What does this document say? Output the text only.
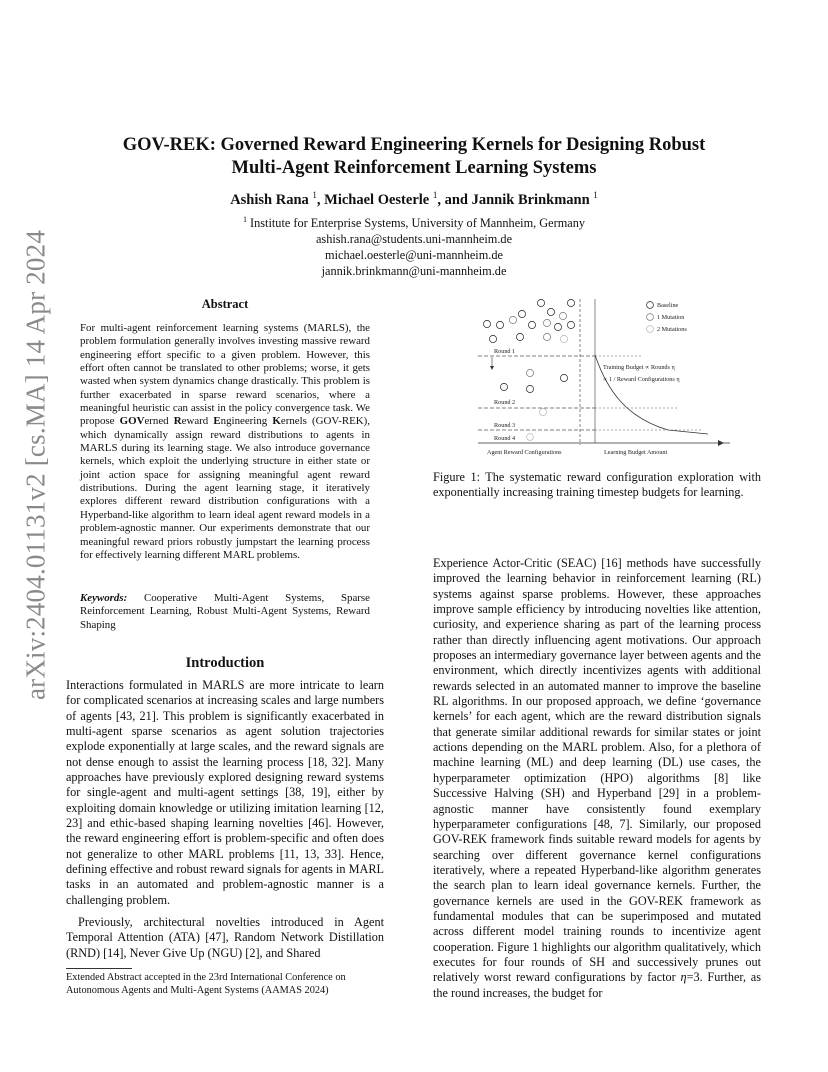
arXiv:2404.01131v2 [cs.MA] 14 Apr 2024
GOV-REK: Governed Reward Engineering Kernels for Designing Robust
Multi-Agent Reinforcement Learning Systems
Ashish Rana $^1$, Michael Oesterle $^1$, and Jannik Brinkmann $^1$
$^1$ Institute for Enterprise Systems, University of Mannheim, Germany
ashish.rana@students.uni-mannheim.de
michael.oesterle@uni-mannheim.de
jannik.brinkmann@uni-mannheim.de
Abstract

For multi-agent reinforcement learning systems (MARLS), the problem formulation generally involves investing massive reward engineering effort specific to a given problem. However, this effort often cannot be translated to other problems; worse, it gets wasted when system dynamics change drastically. This problem is further exacerbated in sparse reward scenarios, where a meaningful heuristic can assist in the policy convergence task. We propose GOVerned Reward Engineering Kernels (GOV-REK), which dynamically assign reward distributions to agents in MARLS during its learning stage. We also introduce governance kernels, which exploit the underlying structure in either state or joint action space for assigning meaningful agent reward distributions. During the agent learning stage, it iteratively explores different reward distribution configurations with a Hyperband-like algorithm to learn ideal agent reward models in a problem-agnostic manner. Our experiments demonstrate that our meaningful reward priors robustly jumpstart the learning process for effectively learning different MARL problems.

Keywords: Cooperative Multi-Agent Systems, Sparse Reinforcement Learning, Robust Multi-Agent Systems, Reward Shaping

Introduction

Interactions formulated in MARLS are more intricate to learn for complicated scenarios at increasing scales and large numbers of agents [43, 21]. This problem is significantly exacerbated in multi-agent sparse scenarios as agent solution trajectories explode exponentially at large scales, and the reward signals are not dense enough to assist the learning process [18, 32]. Many approaches have previously explored designing reward systems for single-agent and multi-agent settings [38, 19], either by exploiting domain knowledge or utilizing imitation learning [12, 23] and ethic-based shaping learning novelties [46]. However, the reward engineering effort is problem-specific and often does not generalize to other MARL problems [11, 13, 33]. Hence, defining effective and robust reward signals for agents in MARL tasks in an automated and problem-agnostic manner is a challenging problem.

Previously, architectural novelties introduced in Agent Temporal Attention (ATA) [47], Random Network Distillation (RND) [14], Never Give Up (NGU) [2], and Shared

Extended Abstract accepted in the 23rd International Conference on Autonomous Agents and Multi-Agent Systems (AAMAS 2024)

Round 1
Round 2
Round 3
Round 4
Training Budget ∝ Rounds η
∝ 1 / Reward Configurations η
Baseline
1 Mutation
2 Mutations
Agent Reward Configurations	Learning Budget Amount

Figure 1: The systematic reward configuration exploration with exponentially increasing training timestep budgets for learning.

Experience Actor-Critic (SEAC) [16] methods have successfully improved the learning behavior in reinforcement learning (RL) systems against sparse problems. However, these approaches improve sample efficiency by introducing novelties like attention, curiosity, and experience sharing as part of the learning process rather than directly influencing agent motivations. Our approach proposes an intermediary governance layer between agents and the environment, which directly incentivizes agents with additional rewards selected in an automated manner to improve the baseline RL algorithms. In our proposed approach, we define ‘governance kernels’ for each agent, which are the reward distribution signals that generate similar additional rewards for similar states or joint actions depending on the MARL problem. Also, for a plethora of machine learning (ML) and deep learning (DL) use cases, the hyperparameter optimization (HPO) algorithms [8] like Successive Halving (SH) and Hyperband [29] in a problem-agnostic manner have consistently found exemplary hyperparameter configurations [48, 7]. Similarly, our proposed GOV-REK framework finds suitable reward models for agents by searching over different governance kernel configurations iteratively, where a repeated Hyperband-like algorithm generates the search plan to learn ideal governance kernels. Further, the governance kernels are used in the GOV-REK framework as fundamental modules that can be superimposed and mutated across different model training rounds to incentivize agent cooperation. Figure 1 highlights our algorithm qualitatively, which executes for four rounds of SH and successively prunes out relatively worst reward configurations by factor η=3. Further, as the round increases, the budget for
